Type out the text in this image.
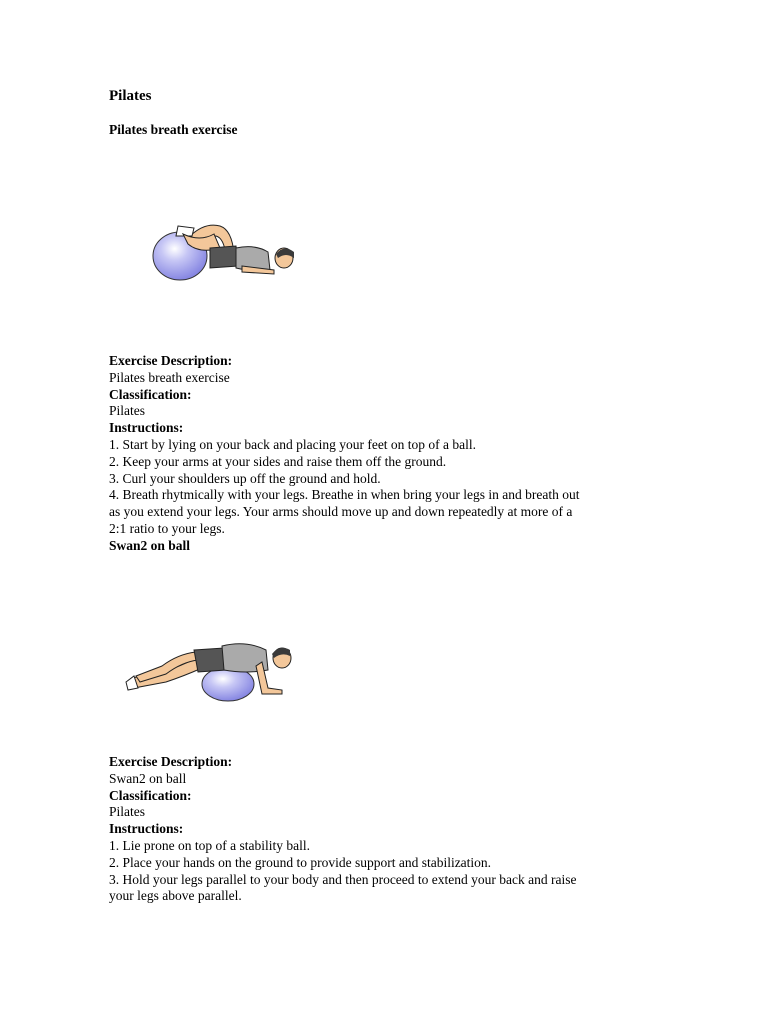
Pilates
Pilates breath exercise
Exercise Description:
Pilates breath exercise
Classification:
Pilates
Instructions:
1. Start by lying on your back and placing your feet on top of a ball.
2. Keep your arms at your sides and raise them off the ground.
3. Curl your shoulders up off the ground and hold.
4. Breath rhytmically with your legs. Breathe in when bring your legs in and breath out
as you extend your legs. Your arms should move up and down repeatedly at more of a
2:1 ratio to your legs.
Swan2 on ball
Exercise Description:
Swan2 on ball
Classification:
Pilates
Instructions:
1. Lie prone on top of a stability ball.
2. Place your hands on the ground to provide support and stabilization.
3. Hold your legs parallel to your body and then proceed to extend your back and raise
your legs above parallel.
